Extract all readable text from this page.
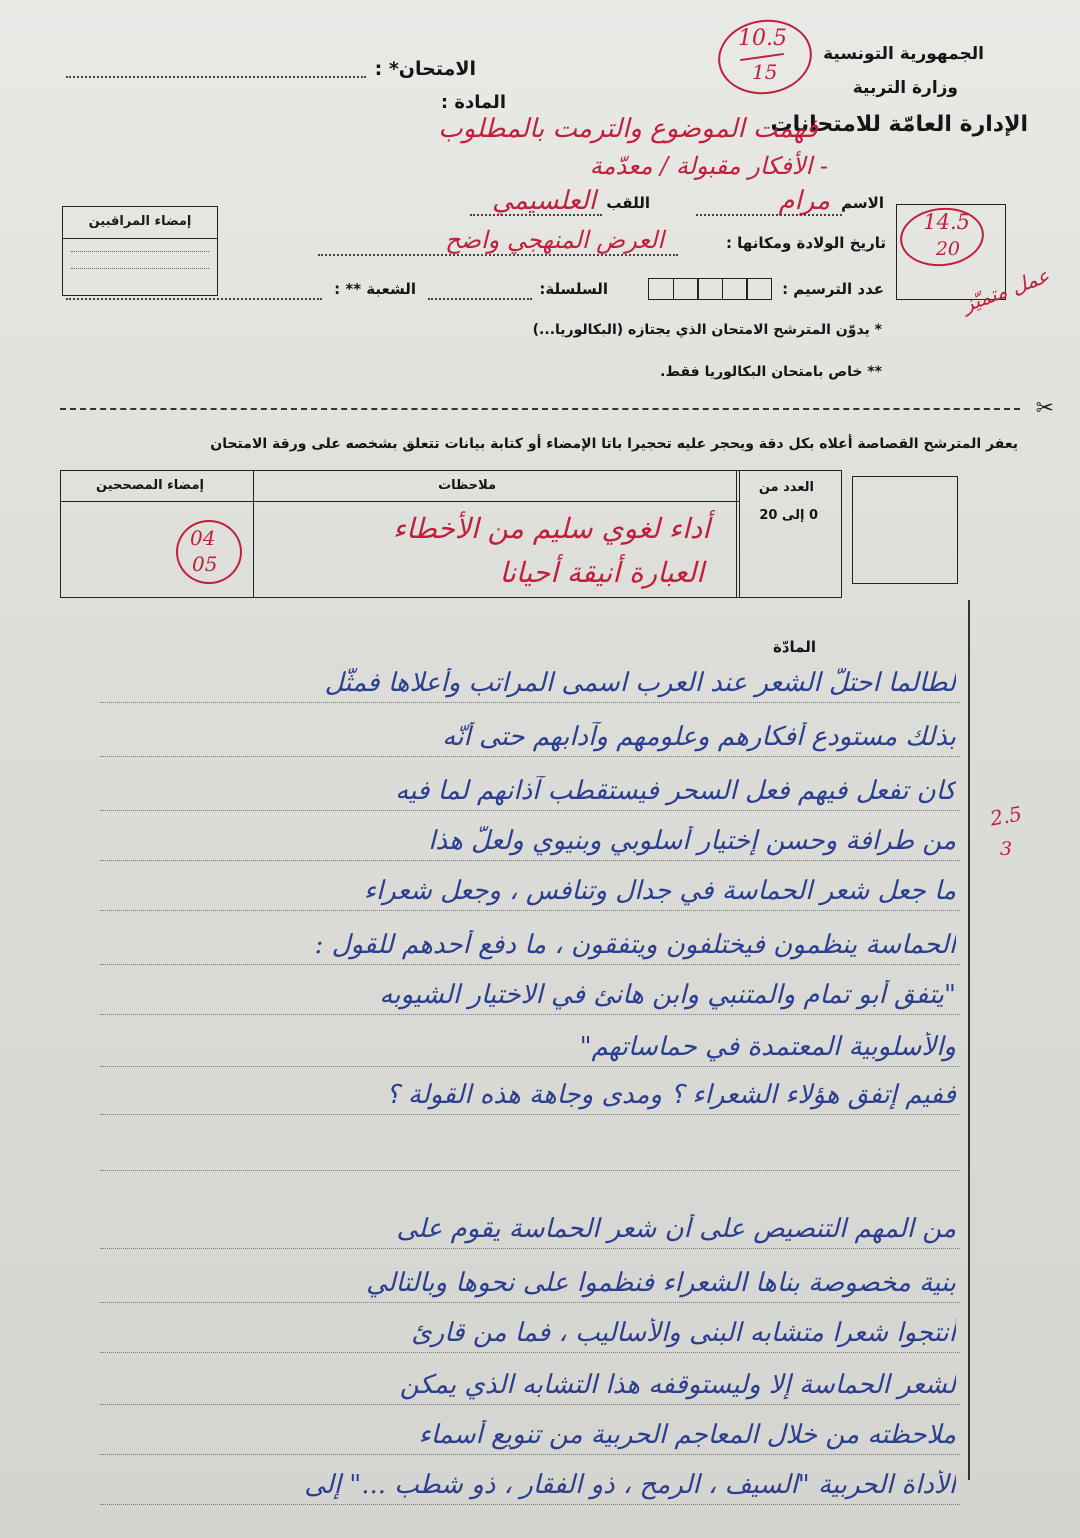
الجمهورية التونسية
وزارة التربية
الإدارة العامّة للامتحانات
الامتحان* :
المادة :
10.5
15
فهمت الموضوع والترمت بالمطلوب
- الأفكار مقبولة / معدّمة
إمضاء المراقبين	14.5
20
الاسم
مرام
اللقب
العلسيمي
تاريخ الولادة ومكانها :
العرض المنهجي واضح
عدد الترسيم :
السلسلة:
الشعبة ** :
* يدوّن المترشح الامتحان الذي يجتازه (البكالوريا...)
** خاص بامتحان البكالوريا فقط.
عمل متميّز
✂
يعفر المترشح القصاصة أعلاه بكل دقة ويحجر عليه تحجيرا باتا الإمضاء أو كتابة بيانات تتعلق بشخصه على ورقة الامتحان
ملاحظات
إمضاء المصححين	العدد من
0 إلى 20
أداء لغوي سليم من الأخطاء
العبارة أنيقة أحيانا
04
05
المادّة
2.5
3
لطالما احتلّ الشعر عند العرب اسمى المراتب وأعلاها فمثّل
بذلك مستودع أفكارهم وعلومهم وآدابهم حتى أنّه
كان تفعل فيهم فعل السحر فيستقطب آذانهم لما فيه
من طرافة وحسن إختيار أسلوبي وبنيوي ولعلّ هذا
ما جعل شعر الحماسة في جدال وتنافس ، وجعل شعراء
الحماسة ينظمون فيختلفون ويتفقون ، ما دفع أحدهم للقول :
"يتفق أبو تمام والمتنبي وابن هانئ في الاختيار الشيوبه
والأسلوبية المعتمدة في حماساتهم"
ففيم إتفق هؤلاء الشعراء ؟ ومدى وجاهة هذه القولة ؟
من المهم التنصيص على أن شعر الحماسة يقوم على
بنية مخصوصة بناها الشعراء فنظموا على نحوها وبالتالي
أنتجوا شعرا متشابه البنى والأساليب ، فما من قارئ
لشعر الحماسة إلا وليستوقفه هذا التشابه الذي يمكن
ملاحظته من خلال المعاجم الحربية من تنويع أسماء
الأداة الحربية "السيف ، الرمح ، ذو الفقار ، ذو شطب ..." إلى
